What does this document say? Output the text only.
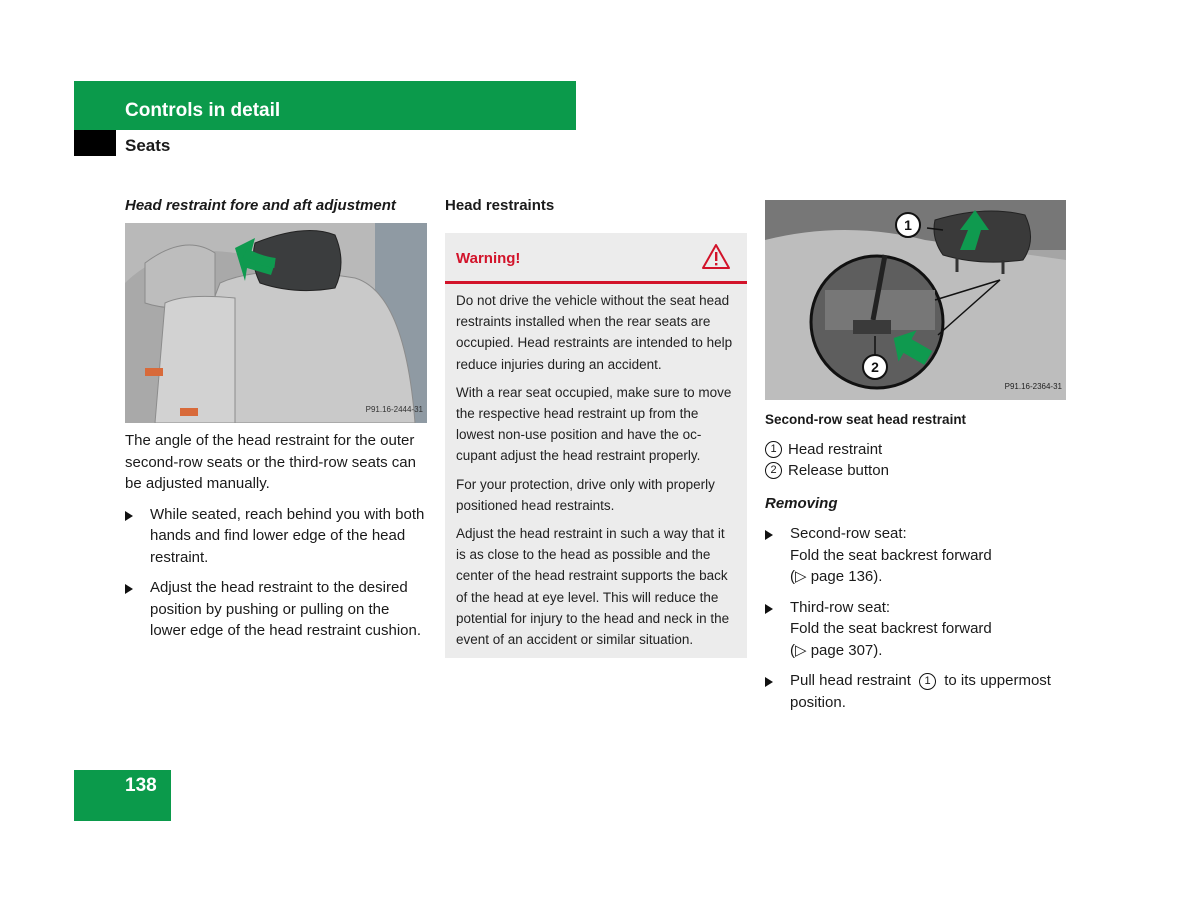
Controls in detail
Seats
Head restraint fore and aft adjustment
P91.16-2444-31

The angle of the head restraint for the outer second-row seats or the third-row seats can be adjusted manually.

While seated, reach behind you with both hands and find lower edge of the head restraint.
Adjust the head restraint to the desired position by pushing or pulling on the lower edge of the head restraint cushion.
Head restraints
Warning!

Do not drive the vehicle without the seat head restraints installed when the rear seats are occupied. Head restraints are intended to help reduce injuries during an accident.

With a rear seat occupied, make sure to move the respective head restraint up from the lowest non-use position and have the occupant adjust the head restraint properly.

For your protection, drive only with properly positioned head restraints.

Adjust the head restraint in such a way that it is as close to the head as possible and the center of the head restraint supports the back of the head at eye level. This will reduce the potential for injury to the head and neck in the event of an accident or similar situation.

1
2
P91.16-2364-31
Second-row seat head restraint
1 Head restraint
2 Release button
Removing
Second-row seat:
Fold the seat backrest forward
(▷ page 136).
Third-row seat:
Fold the seat backrest forward
(▷ page 307).
Pull head restraint 1 to its uppermost position.
138
